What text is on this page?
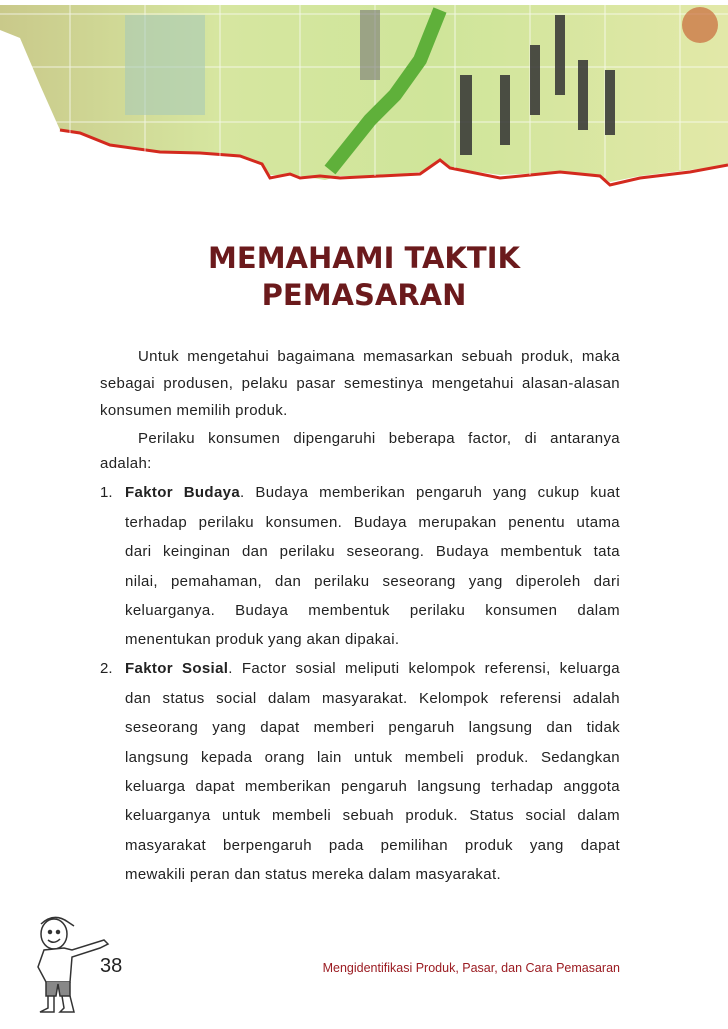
MEMAHAMI TAKTIK
PEMASARAN
Untuk mengetahui bagaimana memasarkan sebuah produk, maka
sebagai produsen, pelaku pasar semestinya mengetahui alasan-alasan
konsumen memilih produk.
Perilaku konsumen dipengaruhi beberapa factor, di antaranya
adalah:
1. Faktor Budaya. Budaya memberikan pengaruh yang cukup kuat
terhadap perilaku konsumen. Budaya merupakan penentu utama
dari keinginan dan perilaku seseorang. Budaya membentuk tata
nilai, pemahaman, dan perilaku seseorang yang diperoleh dari
keluarganya. Budaya membentuk perilaku konsumen dalam
menentukan produk yang akan dipakai.
2. Faktor Sosial. Factor sosial meliputi kelompok referensi, keluarga
dan status social dalam masyarakat. Kelompok referensi adalah
seseorang yang dapat memberi pengaruh langsung dan tidak
langsung kepada orang lain untuk membeli produk. Sedangkan
keluarga dapat memberikan pengaruh langsung terhadap anggota
keluarganya untuk membeli sebuah produk. Status social dalam
masyarakat berpengaruh pada pemilihan produk yang dapat
mewakili peran dan status mereka dalam masyarakat.
38	Mengidentifikasi Produk, Pasar, dan Cara Pemasaran
